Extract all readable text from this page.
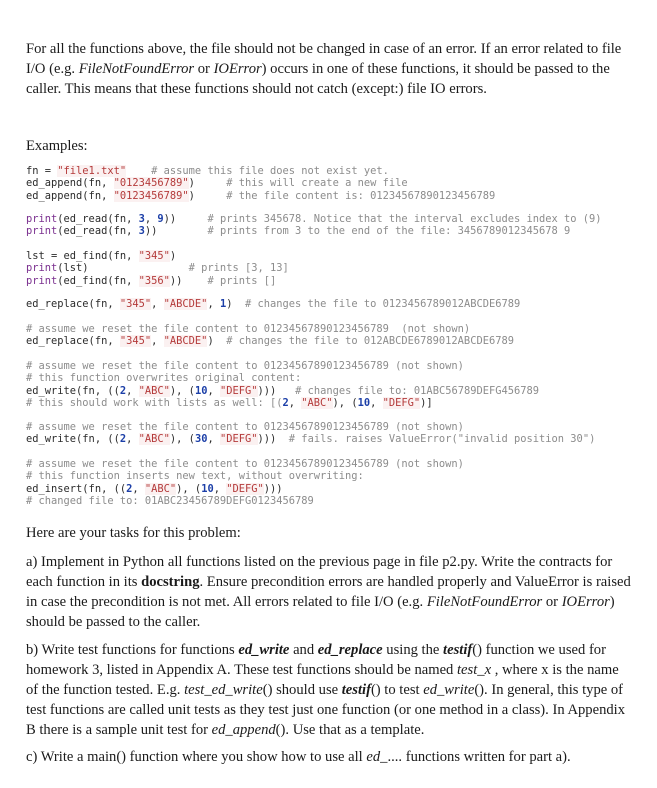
For all the functions above, the file should not be changed in case of an error. If an error related to file
I/O (e.g. FileNotFoundError or IOError) occurs in one of these functions, it should be passed to the
caller. This means that these functions should not catch (except:) file IO errors.
Examples:
fn = "file1.txt" # assume this file does not exist yet.
ed_append(fn, "0123456789")     # this will create a new file
ed_append(fn, "0123456789")     # the file content is: 01234567890123456789
print(ed_read(fn, 3, 9))     # prints 345678. Notice that the interval excludes index to (9)
print(ed_read(fn, 3))        # prints from 3 to the end of the file: 3456789012345678 9
lst = ed_find(fn, "345")
print(lst)                # prints [3, 13]
print(ed_find(fn, "356"))    # prints []
ed_replace(fn, "345", "ABCDE", 1)  # changes the file to 0123456789012ABCDE6789
# assume we reset the file content to 01234567890123456789  (not shown)
ed_replace(fn, "345", "ABCDE")  # changes the file to 012ABCDE6789012ABCDE6789
# assume we reset the file content to 01234567890123456789 (not shown)
# this function overwrites original content:
ed_write(fn, ((2, "ABC"), (10, "DEFG")))   # changes file to: 01ABC56789DEFG456789
# this should work with lists as well: [(2, "ABC"), (10, "DEFG")]
# assume we reset the file content to 01234567890123456789 (not shown)
ed_write(fn, ((2, "ABC"), (30, "DEFG")))  # fails. raises ValueError("invalid position 30")
# assume we reset the file content to 01234567890123456789 (not shown)
# this function inserts new text, without overwriting:
ed_insert(fn, ((2, "ABC"), (10, "DEFG")))
# changed file to: 01ABC23456789DEFG0123456789
Here are your tasks for this problem:
a) Implement in Python all functions listed on the previous page in file p2.py. Write the contracts for
each function in its docstring. Ensure precondition errors are handled properly and ValueError is raised
in case the precondition is not met. All errors related to file I/O (e.g. FileNotFoundError or IOError)
should be passed to the caller.
b) Write test functions for functions ed_write and ed_replace using the testif() function we used for
homework 3, listed in Appendix A. These test functions should be named test_x , where x is the name
of the function tested. E.g. test_ed_write() should use testif() to test ed_write(). In general, this type of
test functions are called unit tests as they test just one function (or one method in a class). In Appendix
B there is a sample unit test for ed_append(). Use that as a template.
c) Write a main() function where you show how to use all ed_.... functions written for part a).
